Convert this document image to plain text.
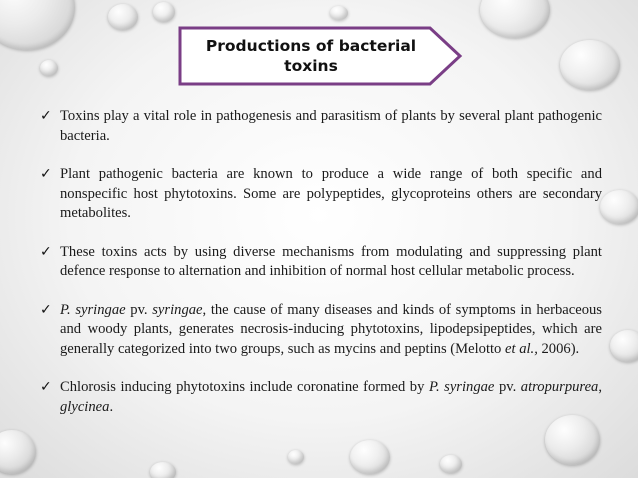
Productions of bacterial
toxins
✓ Toxins play a vital role in pathogenesis and parasitism of plants by several plant pathogenic bacteria.
✓ Plant pathogenic bacteria are known to produce a wide range of both specific and nonspecific host phytotoxins. Some are polypeptides, glycoproteins others are secondary metabolites.
✓ These toxins acts by using diverse mechanisms from modulating and suppressing plant defence response to alternation and inhibition of normal host cellular metabolic process.
✓ P. syringae pv. syringae, the cause of many diseases and kinds of symptoms in herbaceous and woody plants, generates necrosis-inducing phytotoxins, lipodepsipeptides, which are generally categorized into two groups, such as mycins and peptins (Melotto et al., 2006).
✓ Chlorosis inducing phytotoxins include coronatine formed by P. syringae pv. atropurpurea, glycinea.
